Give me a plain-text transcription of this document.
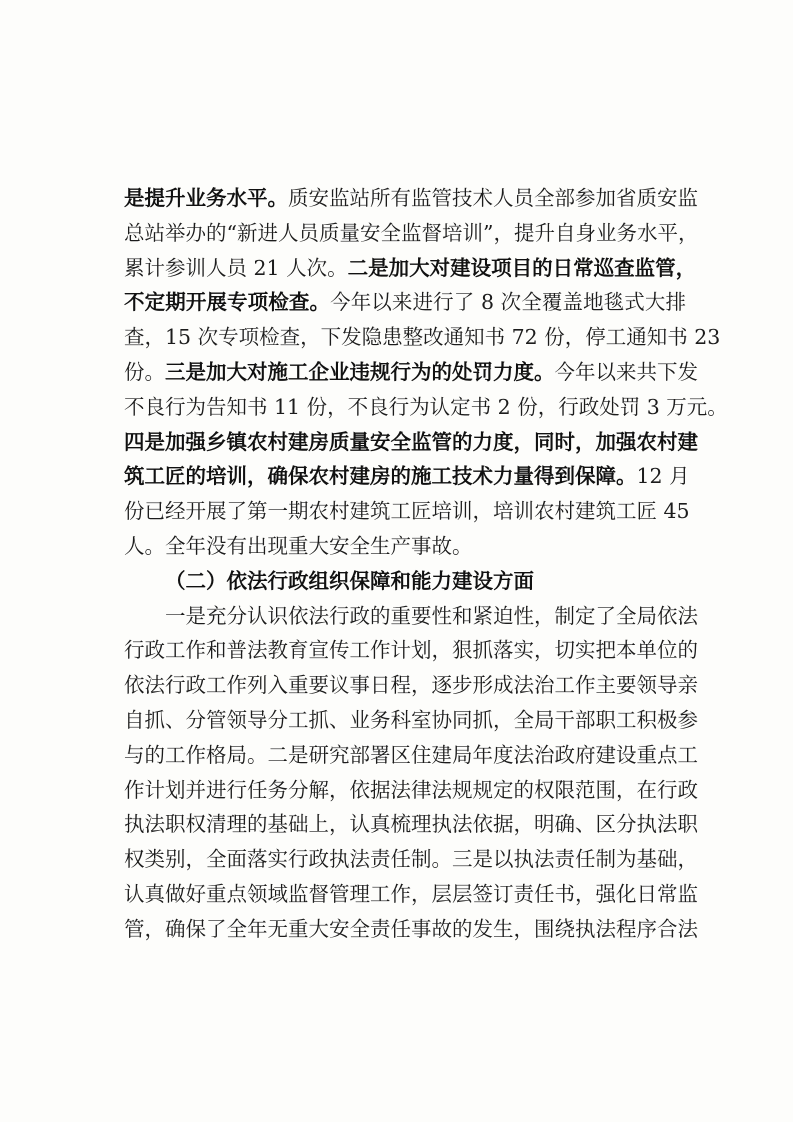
是提升业务水平。质安监站所有监管技术人员全部参加省质安监
总站举办的“新进人员质量安全监督培训”，提升自身业务水平，
累计参训人员 21 人次。二是加大对建设项目的日常巡查监管，
不定期开展专项检查。今年以来进行了 8 次全覆盖地毯式大排
查，15 次专项检查，下发隐患整改通知书 72 份，停工通知书 23
份。三是加大对施工企业违规行为的处罚力度。今年以来共下发
不良行为告知书 11 份，不良行为认定书 2 份，行政处罚 3 万元。
四是加强乡镇农村建房质量安全监管的力度，同时，加强农村建
筑工匠的培训，确保农村建房的施工技术力量得到保障。12 月
份已经开展了第一期农村建筑工匠培训，培训农村建筑工匠 45
人。全年没有出现重大安全生产事故。
（二）依法行政组织保障和能力建设方面
一是充分认识依法行政的重要性和紧迫性，制定了全局依法
行政工作和普法教育宣传工作计划，狠抓落实，切实把本单位的
依法行政工作列入重要议事日程，逐步形成法治工作主要领导亲
自抓、分管领导分工抓、业务科室协同抓，全局干部职工积极参
与的工作格局。二是研究部署区住建局年度法治政府建设重点工
作计划并进行任务分解，依据法律法规规定的权限范围，在行政
执法职权清理的基础上，认真梳理执法依据，明确、区分执法职
权类别，全面落实行政执法责任制。三是以执法责任制为基础，
认真做好重点领域监督管理工作，层层签订责任书，强化日常监
管，确保了全年无重大安全责任事故的发生，围绕执法程序合法
